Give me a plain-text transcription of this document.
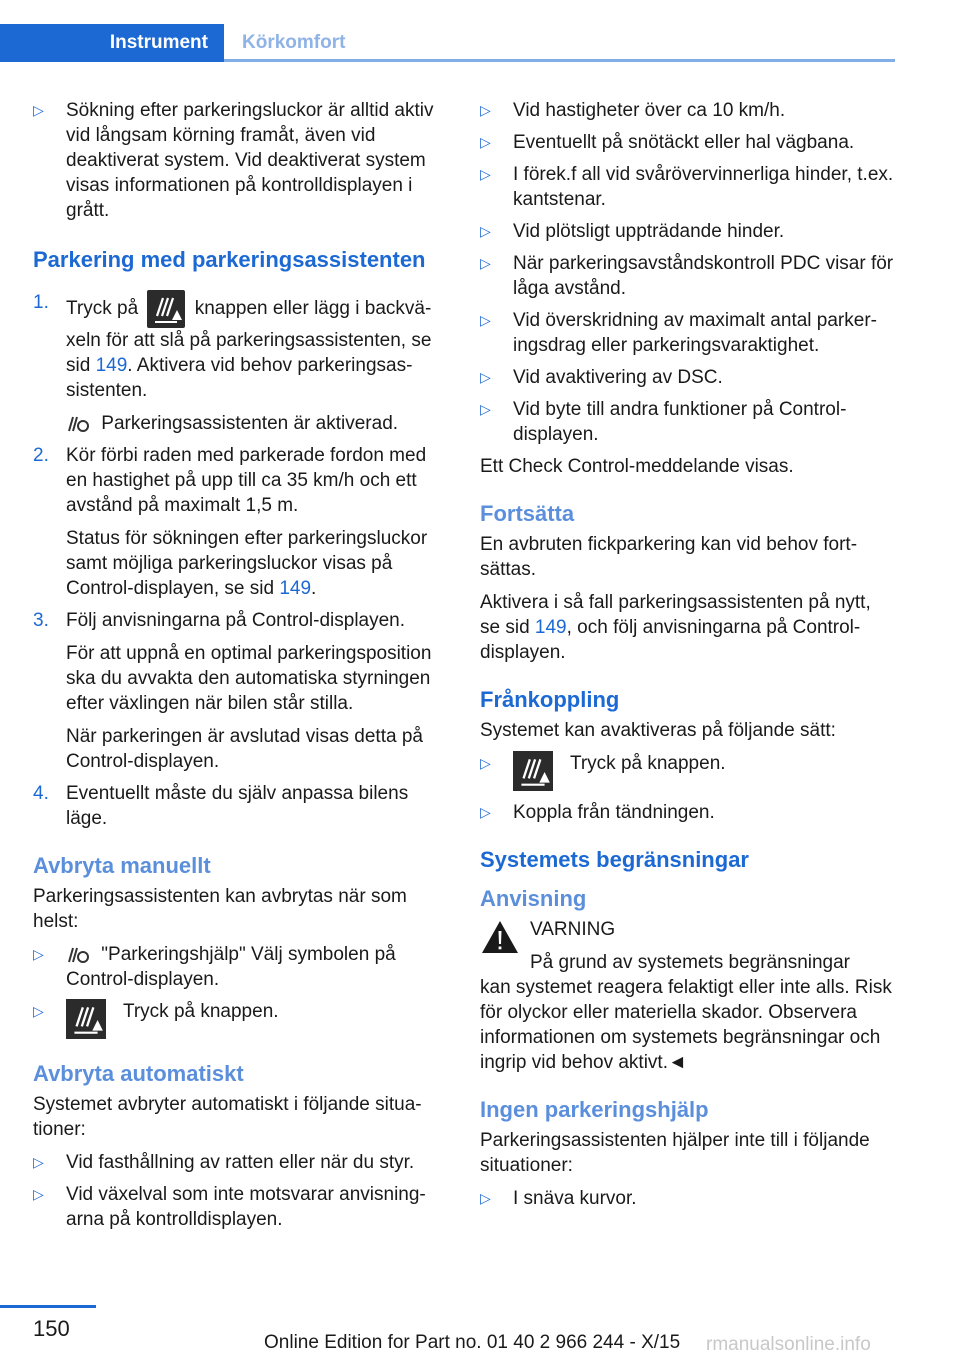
Instrument	Körkomfort
▷ Sökning efter parkeringsluckor är alltid aktiv vid långsam körning framåt, även vid deaktiverat system. Vid deaktiverat system visas informationen på kontrolldisplayen i grått.
Parkering med parkeringsassistenten
1. Tryck på	knappen eller lägg i backväxeln för att slå på parkeringsassistenten, se sid 149. Aktivera vid behov parkeringsassistenten.

Parkeringsassistenten är aktiverad.

2. Kör förbi raden med parkerade fordon med en hastighet på upp till ca 35 km/h och ett avstånd på maximalt 1,5 m.

Status för sökningen efter parkeringsluckor samt möjliga parkeringsluckor visas på Control-displayen, se sid 149.

3. Följ anvisningarna på Control-displayen.

För att uppnå en optimal parkeringsposition ska du avvakta den automatiska styrningen efter växlingen när bilen står stilla.

När parkeringen är avslutad visas detta på Control-displayen.

4. Eventuellt måste du själv anpassa bilens läge.

Avbryta manuellt

Parkeringsassistenten kan avbrytas när som helst:

▷	"Parkeringshjälp" Välj symbolen på Control-displayen.
▷	Tryck på knappen.
Avbryta automatiskt

Systemet avbryter automatiskt i följande situationer:

▷ Vid fasthållning av ratten eller när du styr.
▷ Vid växelval som inte motsvarar anvisningarna på kontrolldisplayen.
▷ Vid hastigheter över ca 10 km/h.
▷ Eventuellt på snötäckt eller hal vägbana.
▷ I förek.f all vid svårövervinnerliga hinder, t.ex. kantstenar.
▷ Vid plötsligt uppträdande hinder.
▷ När parkeringsavståndskontroll PDC visar för låga avstånd.
▷ Vid överskridning av maximalt antal parkeringsdrag eller parkeringsvaraktighet.
▷ Vid avaktivering av DSC.
▷ Vid byte till andra funktioner på Control-displayen.

Ett Check Control-meddelande visas.

Fortsätta

En avbruten fickparkering kan vid behov fortsättas.

Aktivera i så fall parkeringsassistenten på nytt, se sid 149, och följ anvisningarna på Control-displayen.

Frånkoppling

Systemet kan avaktiveras på följande sätt:

▷	Tryck på knappen.
▷ Koppla från tändningen.
Systemets begränsningar
Anvisning
VARNING
På grund av systemets begränsningar

kan systemet reagera felaktigt eller inte alls. Risk för olyckor eller materiella skador. Observera informationen om systemets begränsningar och ingrip vid behov aktivt.◄

Ingen parkeringshjälp

Parkeringsassistenten hjälper inte till i följande situationer:

▷ I snäva kurvor.
150
Online Edition for Part no. 01 40 2 966 244 - X/15 rmanualsonline.info
